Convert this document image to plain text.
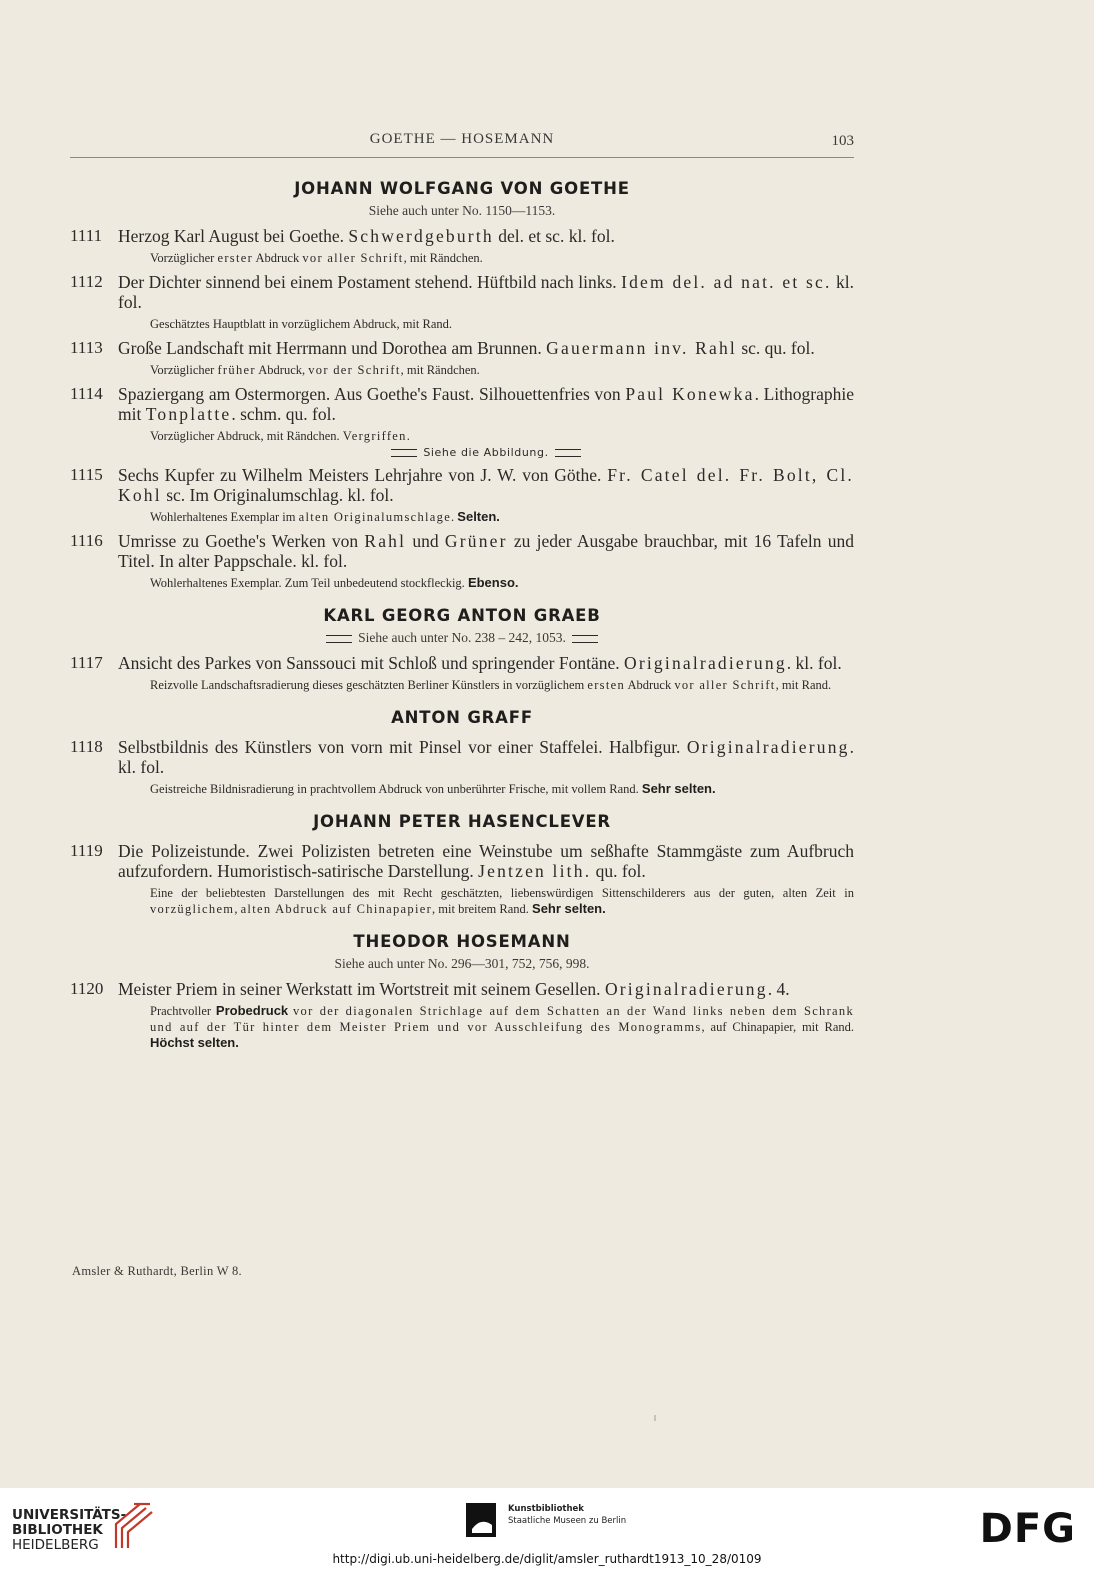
GOETHE — HOSEMANN	103
JOHANN WOLFGANG VON GOETHE
Siehe auch unter No. 1150—1153.
1111 Herzog Karl August bei Goethe. Schwerdgeburth del. et sc. kl. fol.
Vorzüglicher erster Abdruck vor aller Schrift, mit Rändchen.
1112 Der Dichter sinnend bei einem Postament stehend. Hüftbild nach links. Idem del. ad nat. et sc. kl. fol.
Geschätztes Hauptblatt in vorzüglichem Abdruck, mit Rand.
1113 Große Landschaft mit Herrmann und Dorothea am Brunnen. Gauermann inv. Rahl sc. qu. fol.
Vorzüglicher früher Abdruck, vor der Schrift, mit Rändchen.
1114 Spaziergang am Ostermorgen. Aus Goethe's Faust. Silhouettenfries von Paul Konewka. Lithographie mit Tonplatte. schm. qu. fol.
Vorzüglicher Abdruck, mit Rändchen. Vergriffen.
Siehe die Abbildung.
1115 Sechs Kupfer zu Wilhelm Meisters Lehrjahre von J. W. von Göthe. Fr. Catel del. Fr. Bolt, Cl. Kohl sc. Im Originalumschlag. kl. fol.
Wohlerhaltenes Exemplar im alten Originalumschlage. Selten.
1116 Umrisse zu Goethe's Werken von Rahl und Grüner zu jeder Ausgabe brauchbar, mit 16 Tafeln und Titel. In alter Pappschale. kl. fol.
Wohlerhaltenes Exemplar. Zum Teil unbedeutend stockfleckig. Ebenso.
KARL GEORG ANTON GRAEB
Siehe auch unter No. 238 – 242, 1053.
1117 Ansicht des Parkes von Sanssouci mit Schloß und springender Fontäne. Originalradierung. kl. fol.
Reizvolle Landschaftsradierung dieses geschätzten Berliner Künstlers in vorzüglichem ersten Abdruck vor aller Schrift, mit Rand.
ANTON GRAFF
1118 Selbstbildnis des Künstlers von vorn mit Pinsel vor einer Staffelei. Halbfigur. Originalradierung. kl. fol.
Geistreiche Bildnisradierung in prachtvollem Abdruck von unberührter Frische, mit vollem Rand. Sehr selten.
JOHANN PETER HASENCLEVER
1119 Die Polizeistunde. Zwei Polizisten betreten eine Weinstube um seßhafte Stammgäste zum Aufbruch aufzufordern. Humoristisch-satirische Darstellung. Jentzen lith. qu. fol.
Eine der beliebtesten Darstellungen des mit Recht geschätzten, liebenswürdigen Sittenschilderers aus der guten, alten Zeit in vorzüglichem, alten Abdruck auf Chinapapier, mit breitem Rand. Sehr selten.
THEODOR HOSEMANN
Siehe auch unter No. 296—301, 752, 756, 998.
1120 Meister Priem in seiner Werkstatt im Wortstreit mit seinem Gesellen. Originalradierung. 4.
Prachtvoller Probedruck vor der diagonalen Strichlage auf dem Schatten an der Wand links neben dem Schrank und auf der Tür hinter dem Meister Priem und vor Ausschleifung des Monogramms, auf Chinapapier, mit Rand. Höchst selten.
Amsler & Ruthardt, Berlin W 8.
UNIVERSITÄTS-
BIBLIOTHEK
HEIDELBERG
Kunstbibliothek
Staatliche Museen zu Berlin	DFG
http://digi.ub.uni-heidelberg.de/diglit/amsler_ruthardt1913_10_28/0109
